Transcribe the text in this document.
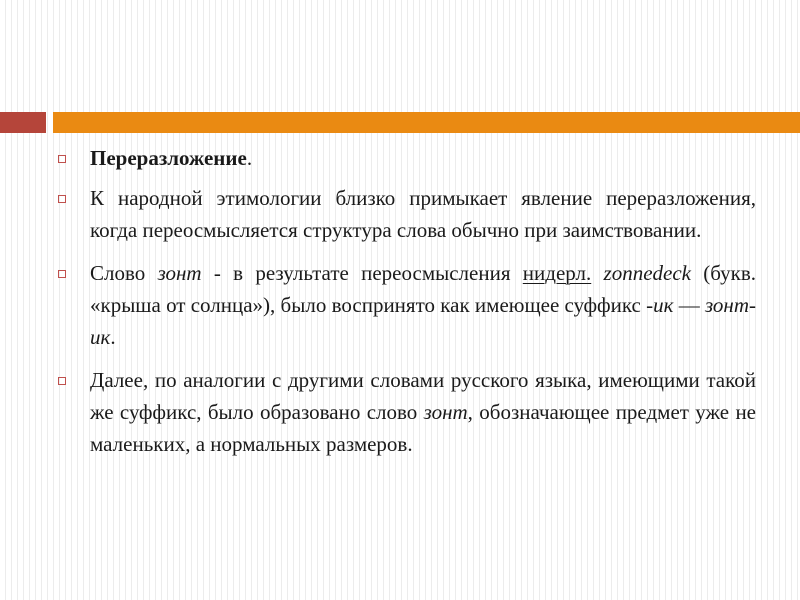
Переразложение.
К народной этимологии близко примыкает явление переразложения, когда переосмысляется структура слова обычно при заимствовании.
Слово зонт - в результате переосмысления нидерл. zonnedeck (букв. «крыша от солнца»), было воспринято как имеющее суффикс -ик — зонт-ик.
Далее, по аналогии с другими словами русского языка, имеющими такой же суффикс, было образовано слово зонт, обозначающее предмет уже не маленьких, а нормальных размеров.
